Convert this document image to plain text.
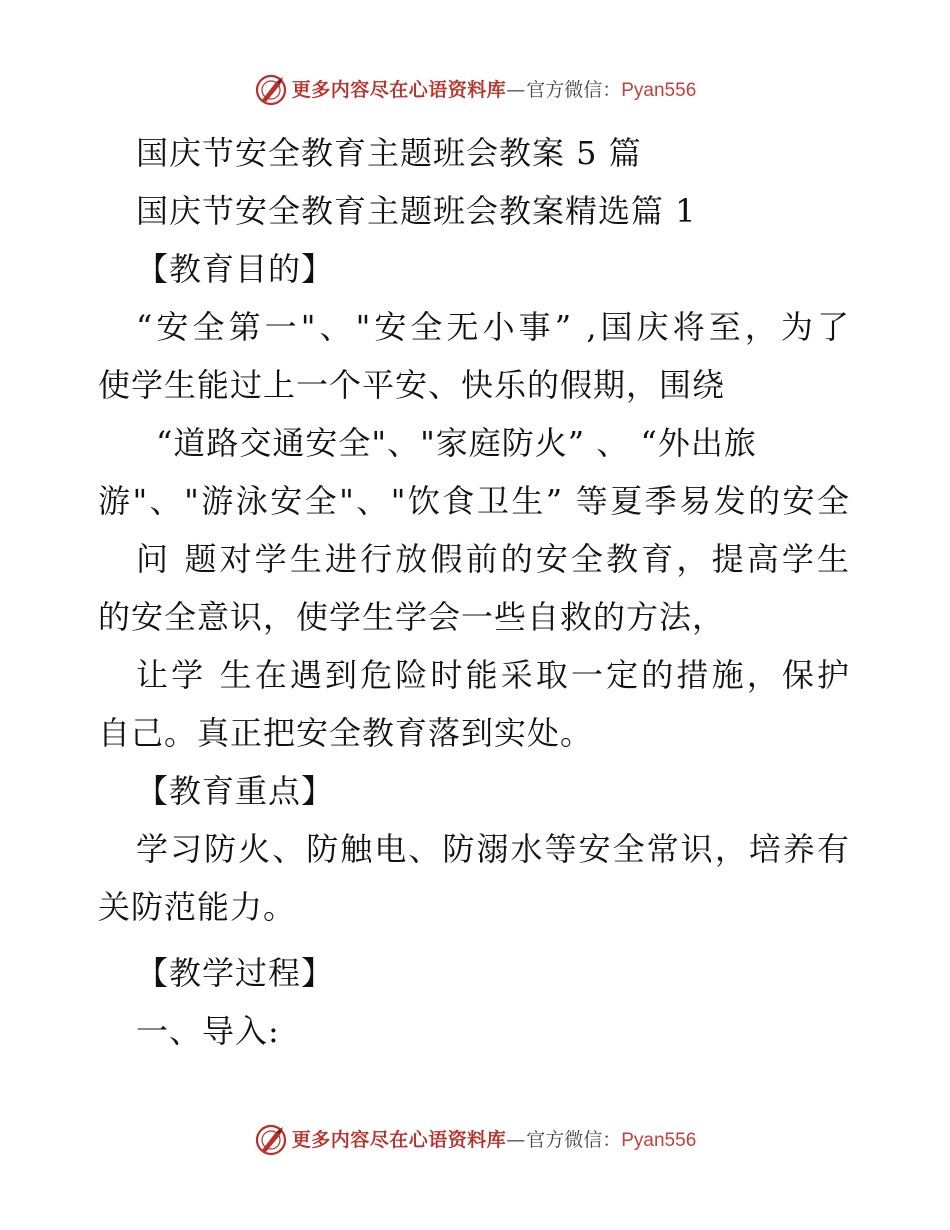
更多内容尽在心语资料库 — 官方微信： Pyan556
国庆节安全教育主题班会教案 5 篇
国庆节安全教育主题班会教案精选篇 1
【教育目的】
“安全第一"、"安全无小事” ,国庆将至，为了
使学生能过上一个平安、快乐的假期，围绕
“道路交通安全"、"家庭防火” 、 “外出旅
游"、"游泳安全"、"饮食卫生” 等夏季易发的安全
问 题对学生进行放假前的安全教育，提高学生
的安全意识，使学生学会一些自救的方法，
让学 生在遇到危险时能采取一定的措施，保护
自己。真正把安全教育落到实处。
【教育重点】
学习防火、防触电、防溺水等安全常识，培养有
关防范能力。
【教学过程】
一、导入:
更多内容尽在心语资料库 — 官方微信： Pyan556
